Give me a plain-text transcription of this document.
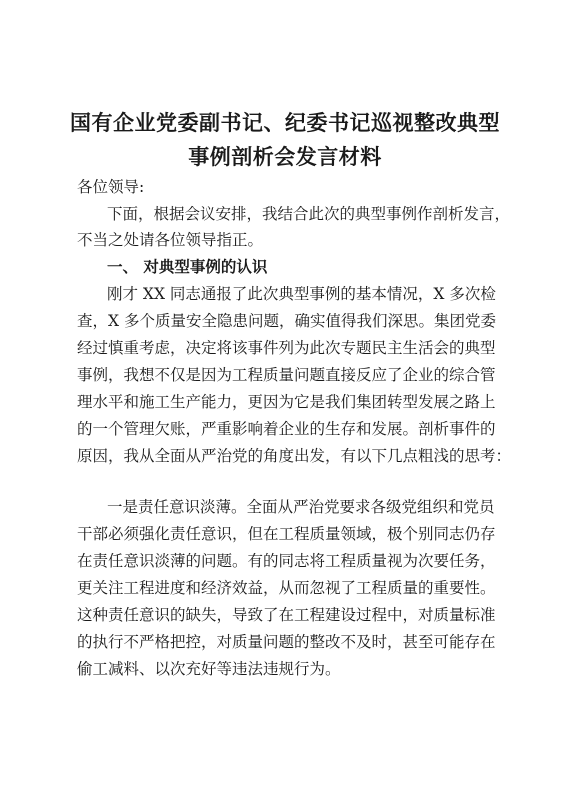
国有企业党委副书记、纪委书记巡视整改典型
事例剖析会发言材料
各位领导:
下面，根据会议安排，我结合此次的典型事例作剖析发言，
不当之处请各位领导指正。
一、 对典型事例的认识
刚才 XX 同志通报了此次典型事例的基本情况，X 多次检
查，X 多个质量安全隐患问题，确实值得我们深思。集团党委
经过慎重考虑，决定将该事件列为此次专题民主生活会的典型
事例，我想不仅是因为工程质量问题直接反应了企业的综合管
理水平和施工生产能力，更因为它是我们集团转型发展之路上
的一个管理欠账，严重影响着企业的生存和发展。剖析事件的
原因，我从全面从严治党的角度出发，有以下几点粗浅的思考：
一是责任意识淡薄。全面从严治党要求各级党组织和党员
干部必须强化责任意识，但在工程质量领域，极个别同志仍存
在责任意识淡薄的问题。有的同志将工程质量视为次要任务，
更关注工程进度和经济效益，从而忽视了工程质量的重要性。
这种责任意识的缺失，导致了在工程建设过程中，对质量标准
的执行不严格把控，对质量问题的整改不及时，甚至可能存在
偷工减料、以次充好等违法违规行为。
